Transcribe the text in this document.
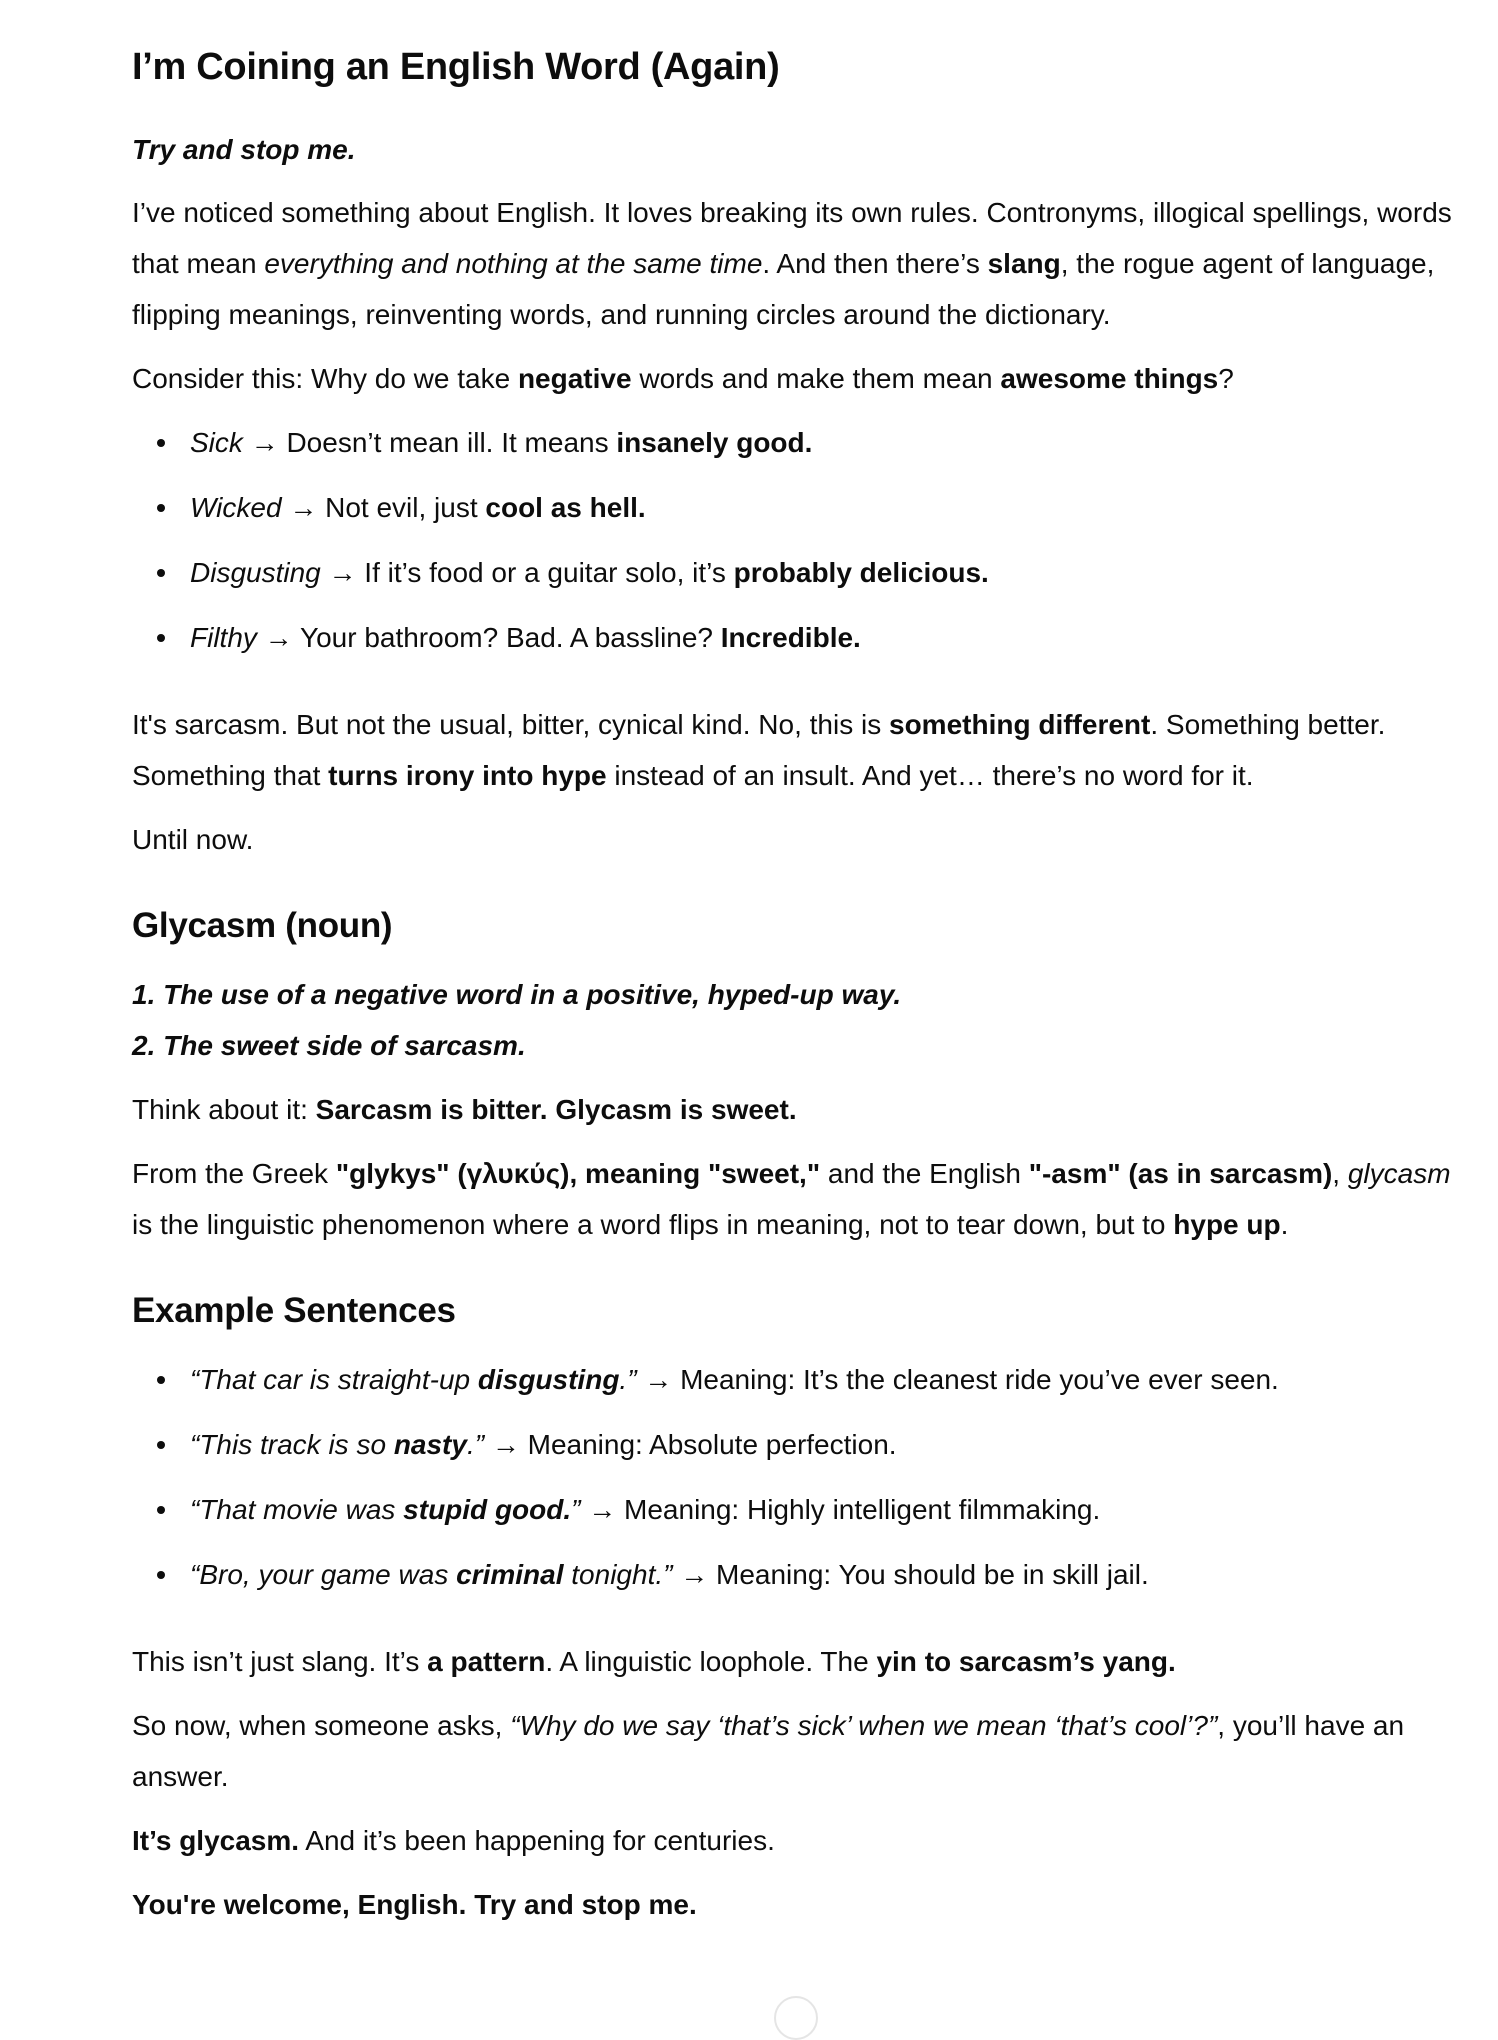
I’m Coining an English Word (Again)

Try and stop me.

I’ve noticed something about English. It loves breaking its own rules. Contronyms, illogical spellings, words that mean everything and nothing at the same time. And then there’s slang, the rogue agent of language, flipping meanings, reinventing words, and running circles around the dictionary.

Consider this: Why do we take negative words and make them mean awesome things?

Sick → Doesn’t mean ill. It means insanely good.
Wicked → Not evil, just cool as hell.
Disgusting → If it’s food or a guitar solo, it’s probably delicious.
Filthy → Your bathroom? Bad. A bassline? Incredible.

It's sarcasm. But not the usual, bitter, cynical kind. No, this is something different. Something better. Something that turns irony into hype instead of an insult. And yet… there’s no word for it.

Until now.

Glycasm (noun)

1. The use of a negative word in a positive, hyped-up way.

2. The sweet side of sarcasm.

Think about it: Sarcasm is bitter. Glycasm is sweet.

From the Greek "glykys" (γλυκύς), meaning "sweet," and the English "-asm" (as in sarcasm), glycasm is the linguistic phenomenon where a word flips in meaning, not to tear down, but to hype up.

Example Sentences
“That car is straight-up disgusting.” → Meaning: It’s the cleanest ride you’ve ever seen.
“This track is so nasty.” → Meaning: Absolute perfection.
“That movie was stupid good.” → Meaning: Highly intelligent filmmaking.
“Bro, your game was criminal tonight.” → Meaning: You should be in skill jail.

This isn’t just slang. It’s a pattern. A linguistic loophole. The yin to sarcasm’s yang.

So now, when someone asks, “Why do we say ‘that’s sick’ when we mean ‘that’s cool’?”, you’ll have an answer.

It’s glycasm. And it’s been happening for centuries.

You're welcome, English. Try and stop me.
